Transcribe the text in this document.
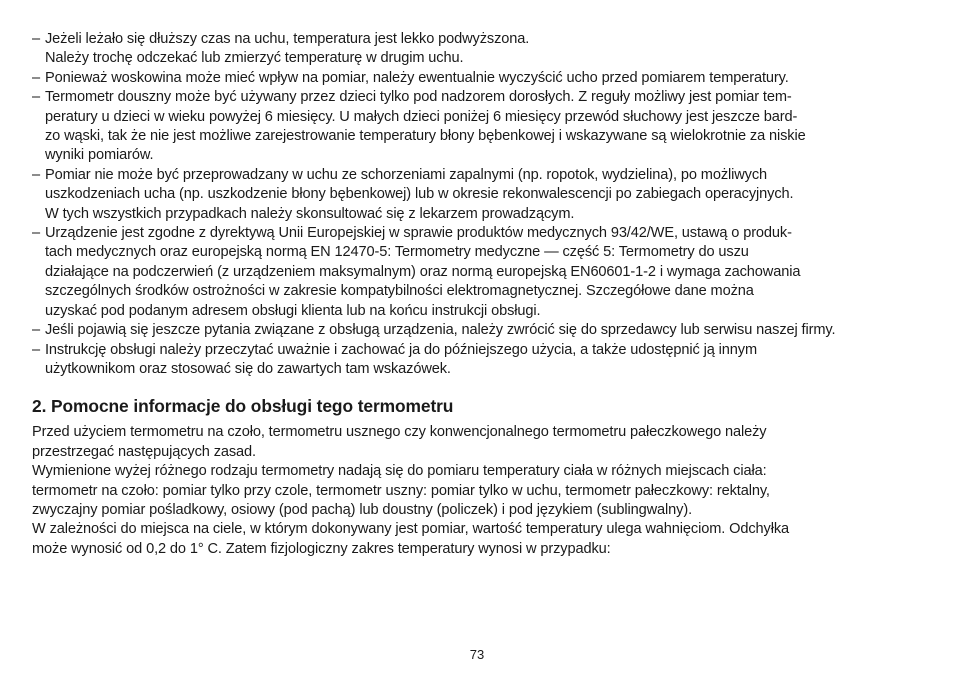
– Jeżeli leżało się dłuższy czas na uchu, temperatura jest lekko podwyższona.
Należy trochę odczekać lub zmierzyć temperaturę w drugim uchu.
– Ponieważ woskowina może mieć wpływ na pomiar, należy ewentualnie wyczyścić ucho przed pomiarem temperatury.
– Termometr douszny może być używany przez dzieci tylko pod nadzorem dorosłych. Z reguły możliwy jest pomiar tem-
peratury u dzieci w wieku powyżej 6 miesięcy. U małych dzieci poniżej 6 miesięcy przewód słuchowy jest jeszcze bard-
zo wąski, tak że nie jest możliwe zarejestrowanie temperatury błony bębenkowej i wskazywane są wielokrotnie za niskie
wyniki pomiarów.
– Pomiar nie może być przeprowadzany w uchu ze schorzeniami zapalnymi (np. ropotok, wydzielina), po możliwych
uszkodzeniach ucha (np. uszkodzenie błony bębenkowej) lub w okresie rekonwalescencji po zabiegach operacyjnych.
W tych wszystkich przypadkach należy skonsultować się z lekarzem prowadzącym.
– Urządzenie jest zgodne z dyrektywą Unii Europejskiej w sprawie produktów medycznych 93/42/WE, ustawą o produk-
tach medycznych oraz europejską normą EN 12470-5: Termometry medyczne — część 5: Termometry do uszu
działające na podczerwień (z urządzeniem maksymalnym) oraz normą europejską EN60601-1-2 i wymaga zachowania
szczególnych środków ostrożności w zakresie kompatybilności elektromagnetycznej. Szczegółowe dane można
uzyskać pod podanym adresem obsługi klienta lub na końcu instrukcji obsługi.
– Jeśli pojawią się jeszcze pytania związane z obsługą urządzenia, należy zwrócić się do sprzedawcy lub serwisu naszej firmy.
– Instrukcję obsługi należy przeczytać uważnie i zachować ja do późniejszego użycia, a także udostępnić ją innym
użytkownikom oraz stosować się do zawartych tam wskazówek.
2. Pomocne informacje do obsługi tego termometru

Przed użyciem termometru na czoło, termometru usznego czy konwencjonalnego termometru pałeczkowego należy
przestrzegać następujących zasad.

Wymienione wyżej różnego rodzaju termometry nadają się do pomiaru temperatury ciała w różnych miejscach ciała:
termometr na czoło: pomiar tylko przy czole, termometr uszny: pomiar tylko w uchu, termometr pałeczkowy: rektalny,
zwyczajny pomiar pośladkowy, osiowy (pod pachą) lub doustny (policzek) i pod językiem (sublingwalny).

W zależności do miejsca na ciele, w którym dokonywany jest pomiar, wartość temperatury ulega wahnięciom. Odchyłka
może wynosić od 0,2 do 1° C. Zatem fizjologiczny zakres temperatury wynosi w przypadku:

73
